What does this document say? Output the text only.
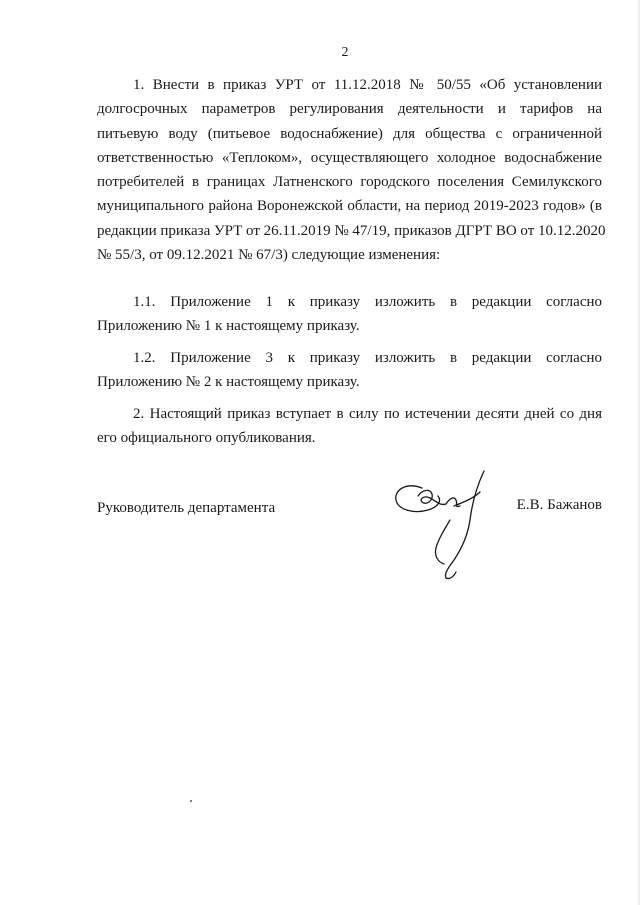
2
1. Внести в приказ УРТ от 11.12.2018 № 50/55 «Об установлении
долгосрочных параметров регулирования деятельности и тарифов на
питьевую воду (питьевое водоснабжение) для общества с ограниченной
ответственностью «Теплоком», осуществляющего холодное водоснабжение
потребителей в границах Латненского городского поселения Семилукского
муниципального района Воронежской области, на период 2019-2023 годов» (в
редакции приказа УРТ от 26.11.2019 № 47/19, приказов ДГРТ ВО от 10.12.2020
№ 55/3, от 09.12.2021 № 67/3) следующие изменения:
1.1. Приложение 1 к приказу изложить в редакции согласно
Приложению № 1 к настоящему приказу.
1.2. Приложение 3 к приказу изложить в редакции согласно
Приложению № 2 к настоящему приказу.
2. Настоящий приказ вступает в силу по истечении десяти дней со дня
его официального опубликования.
Руководитель департамента	Е.В. Бажанов
